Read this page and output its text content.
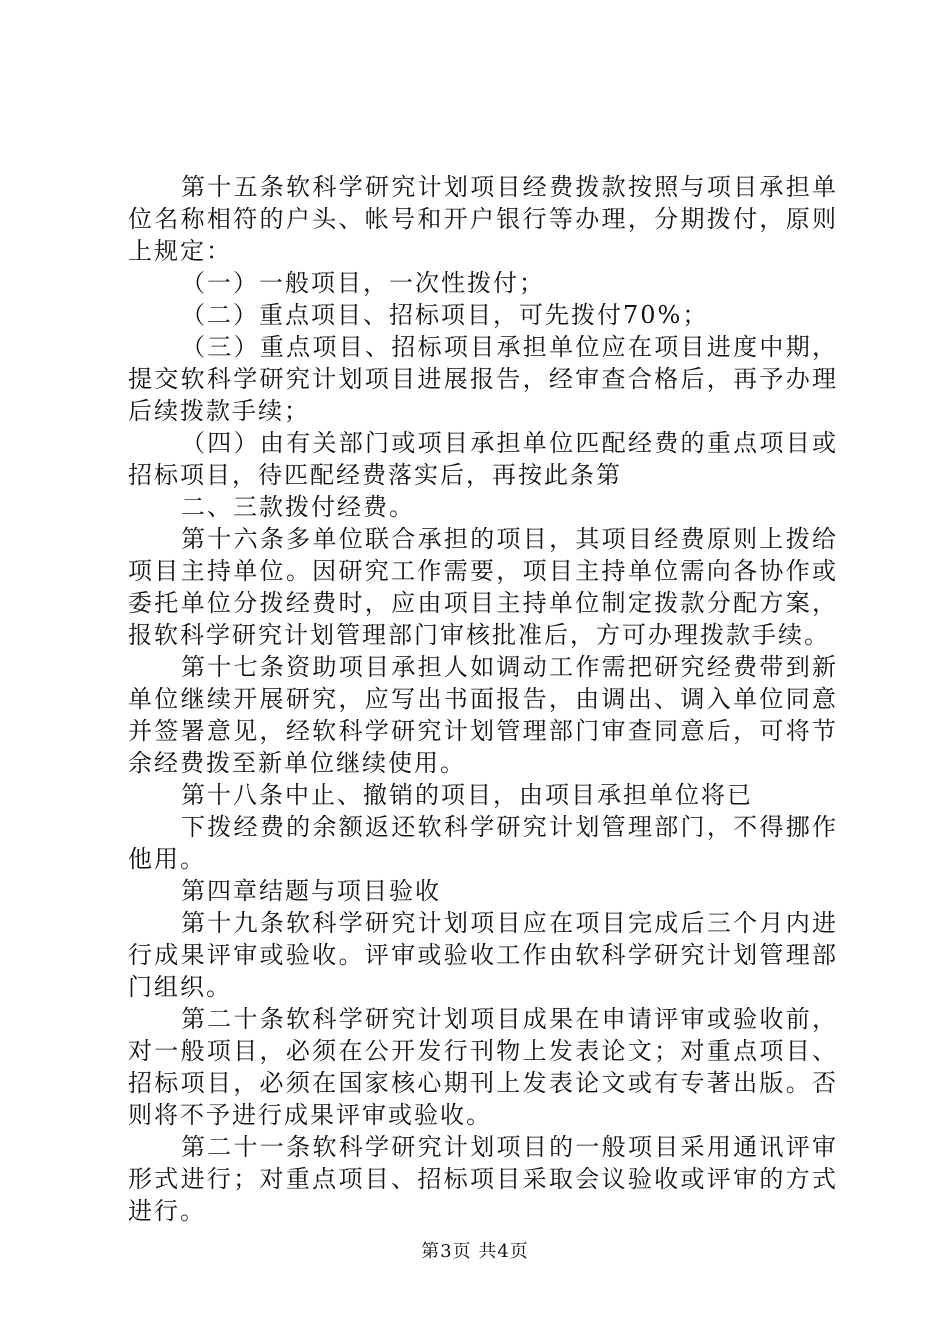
第十五条软科学研究计划项目经费拨款按照与项目承担单位名称相符的户头、帐号和开户银行等办理，分期拨付，原则上规定：

（一）一般项目，一次性拨付；

（二）重点项目、招标项目，可先拨付70%；

（三）重点项目、招标项目承担单位应在项目进度中期，提交软科学研究计划项目进展报告，经审查合格后，再予办理后续拨款手续；

（四）由有关部门或项目承担单位匹配经费的重点项目或招标项目，待匹配经费落实后，再按此条第

二、三款拨付经费。

第十六条多单位联合承担的项目，其项目经费原则上拨给项目主持单位。因研究工作需要，项目主持单位需向各协作或委托单位分拨经费时，应由项目主持单位制定拨款分配方案，报软科学研究计划管理部门审核批准后，方可办理拨款手续。

第十七条资助项目承担人如调动工作需把研究经费带到新单位继续开展研究，应写出书面报告，由调出、调入单位同意并签署意见，经软科学研究计划管理部门审查同意后，可将节余经费拨至新单位继续使用。

第十八条中止、撤销的项目，由项目承担单位将已

下拨经费的余额返还软科学研究计划管理部门，不得挪作他用。

第四章结题与项目验收

第十九条软科学研究计划项目应在项目完成后三个月内进行成果评审或验收。评审或验收工作由软科学研究计划管理部门组织。

第二十条软科学研究计划项目成果在申请评审或验收前，对一般项目，必须在公开发行刊物上发表论文；对重点项目、招标项目，必须在国家核心期刊上发表论文或有专著出版。否则将不予进行成果评审或验收。

第二十一条软科学研究计划项目的一般项目采用通讯评审形式进行；对重点项目、招标项目采取会议验收或评审的方式进行。

第3页 共4页
